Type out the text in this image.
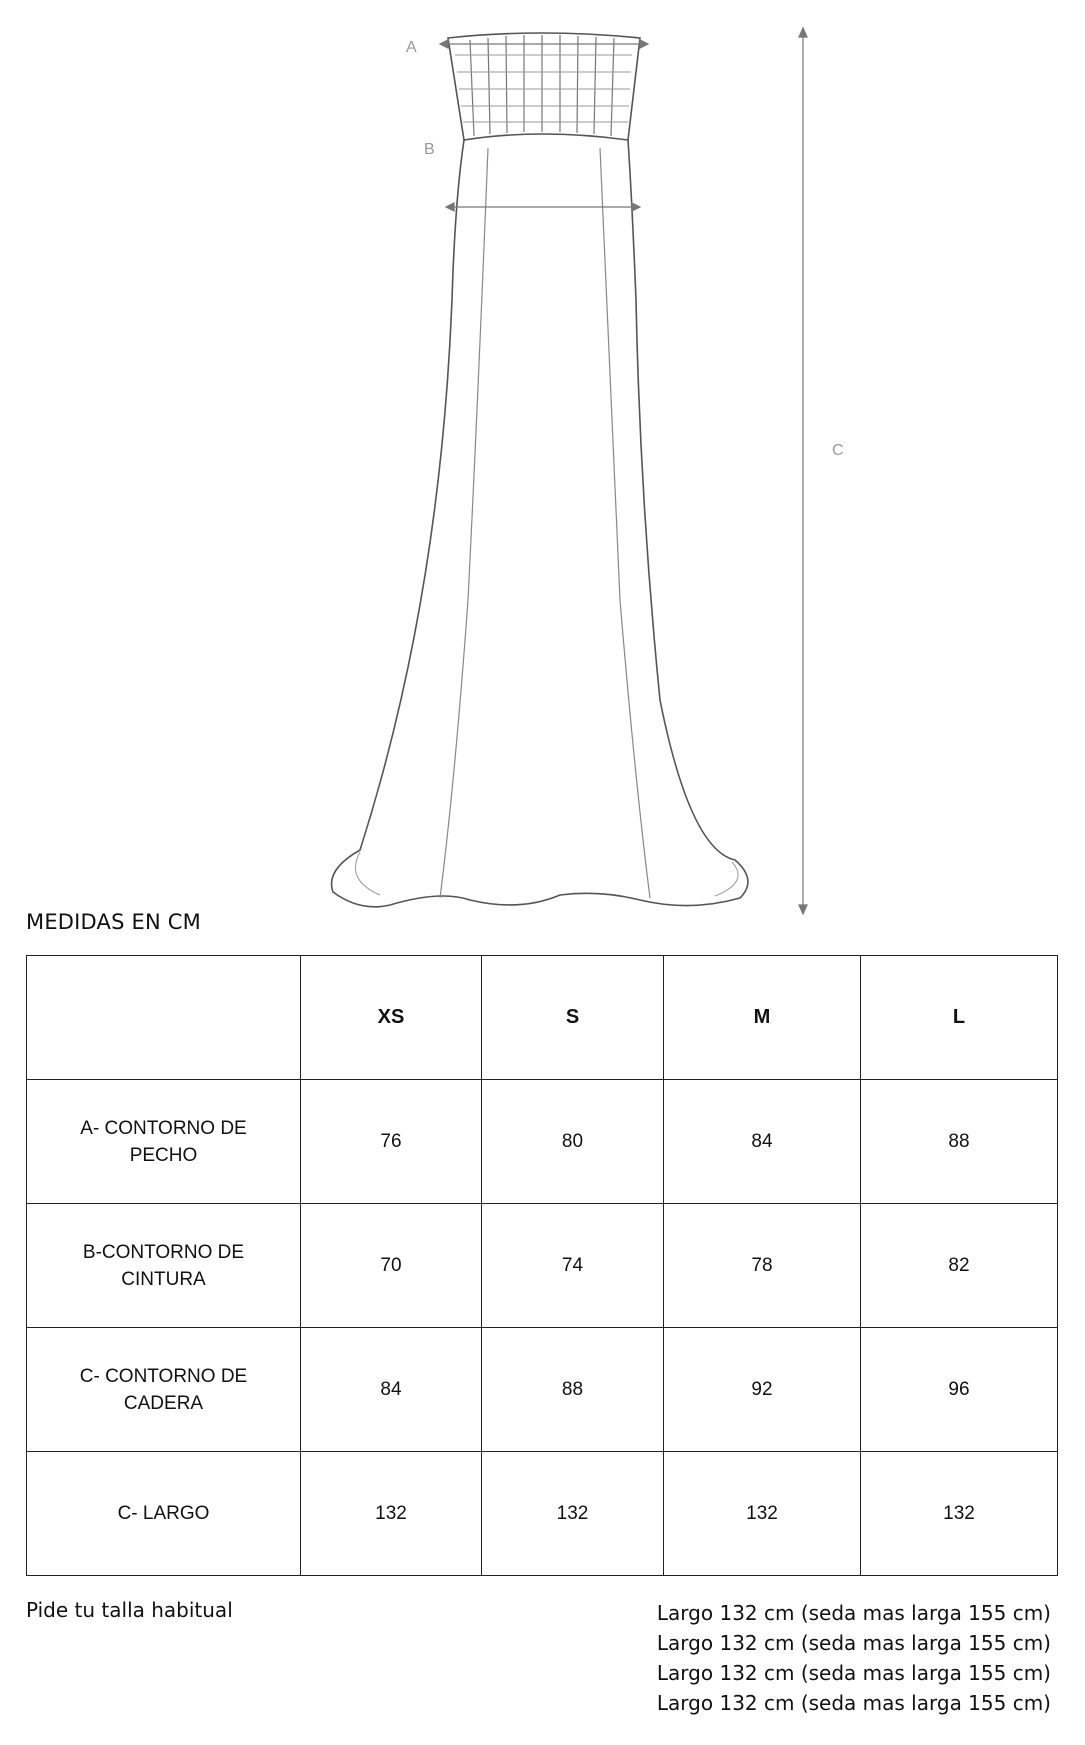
A
B
C
MEDIDAS EN CM
	XS	S	M	L
A- CONTORNO DE PECHO	76	80	84	88
B-CONTORNO DE CINTURA	70	74	78	82
C- CONTORNO DE CADERA	84	88	92	96
C- LARGO	132	132	132	132
Pide tu talla habitual	Largo 132 cm (seda mas larga 155 cm)
Largo 132 cm (seda mas larga 155 cm)
Largo 132 cm (seda mas larga 155 cm)
Largo 132 cm (seda mas larga 155 cm)
